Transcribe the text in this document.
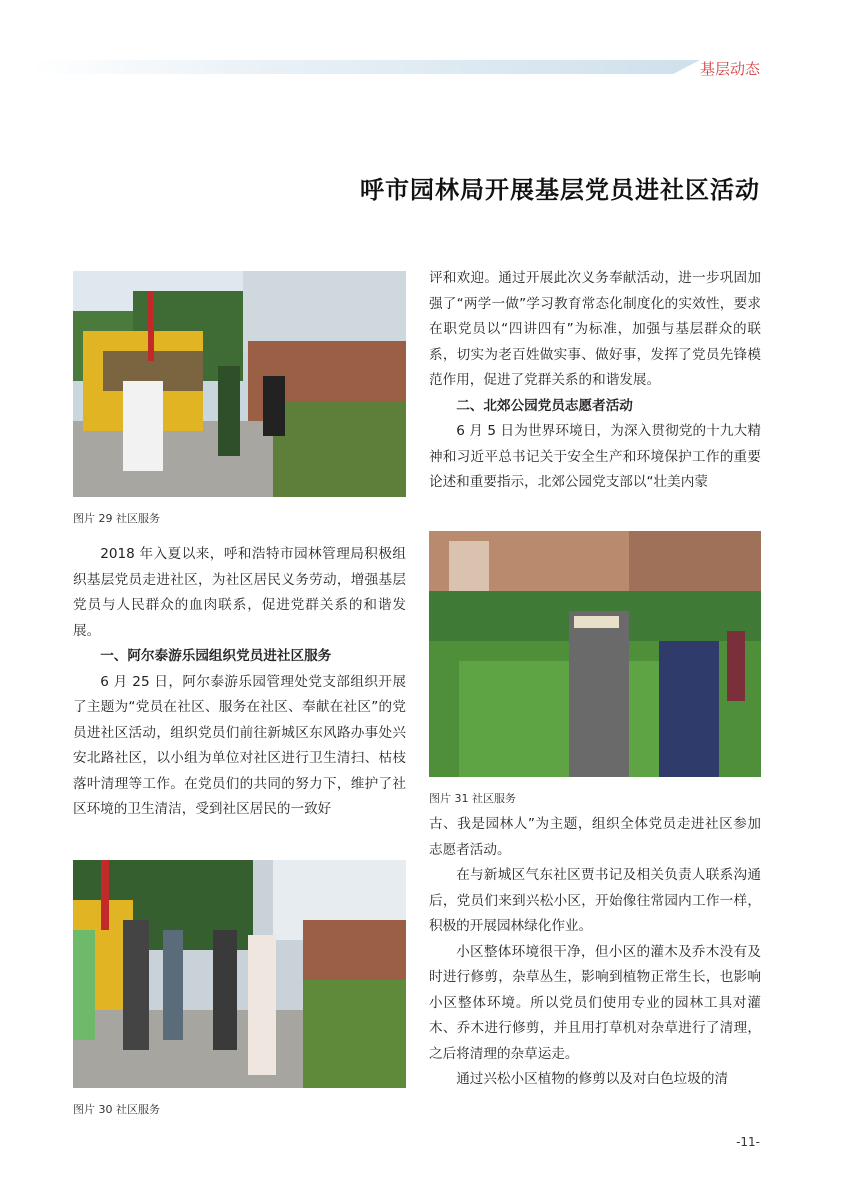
基层动态
呼市园林局开展基层党员进社区活动
图片 29 社区服务

2018 年入夏以来，呼和浩特市园林管理局积极组织基层党员走进社区，为社区居民义务劳动，增强基层党员与人民群众的血肉联系，促进党群关系的和谐发展。

一、阿尔泰游乐园组织党员进社区服务

6 月 25 日，阿尔泰游乐园管理处党支部组织开展了主题为“党员在社区、服务在社区、奉献在社区”的党员进社区活动，组织党员们前往新城区东风路办事处兴安北路社区，以小组为单位对社区进行卫生清扫、枯枝落叶清理等工作。在党员们的共同的努力下，维护了社区环境的卫生清洁，受到社区居民的一致好

图片 30 社区服务

评和欢迎。通过开展此次义务奉献活动，进一步巩固加强了“两学一做”学习教育常态化制度化的实效性，要求在职党员以“四讲四有”为标准，加强与基层群众的联系，切实为老百姓做实事、做好事，发挥了党员先锋模范作用，促进了党群关系的和谐发展。

二、北郊公园党员志愿者活动

6 月 5 日为世界环境日，为深入贯彻党的十九大精神和习近平总书记关于安全生产和环境保护工作的重要论述和重要指示，北郊公园党支部以“壮美内蒙

图片 31 社区服务

古、我是园林人”为主题，组织全体党员走进社区参加志愿者活动。

在与新城区气东社区贾书记及相关负责人联系沟通后，党员们来到兴松小区，开始像往常园内工作一样，积极的开展园林绿化作业。

小区整体环境很干净，但小区的灌木及乔木没有及时进行修剪，杂草丛生，影响到植物正常生长，也影响小区整体环境。所以党员们使用专业的园林工具对灌木、乔木进行修剪，并且用打草机对杂草进行了清理，之后将清理的杂草运走。

通过兴松小区植物的修剪以及对白色垃圾的清

-11-
